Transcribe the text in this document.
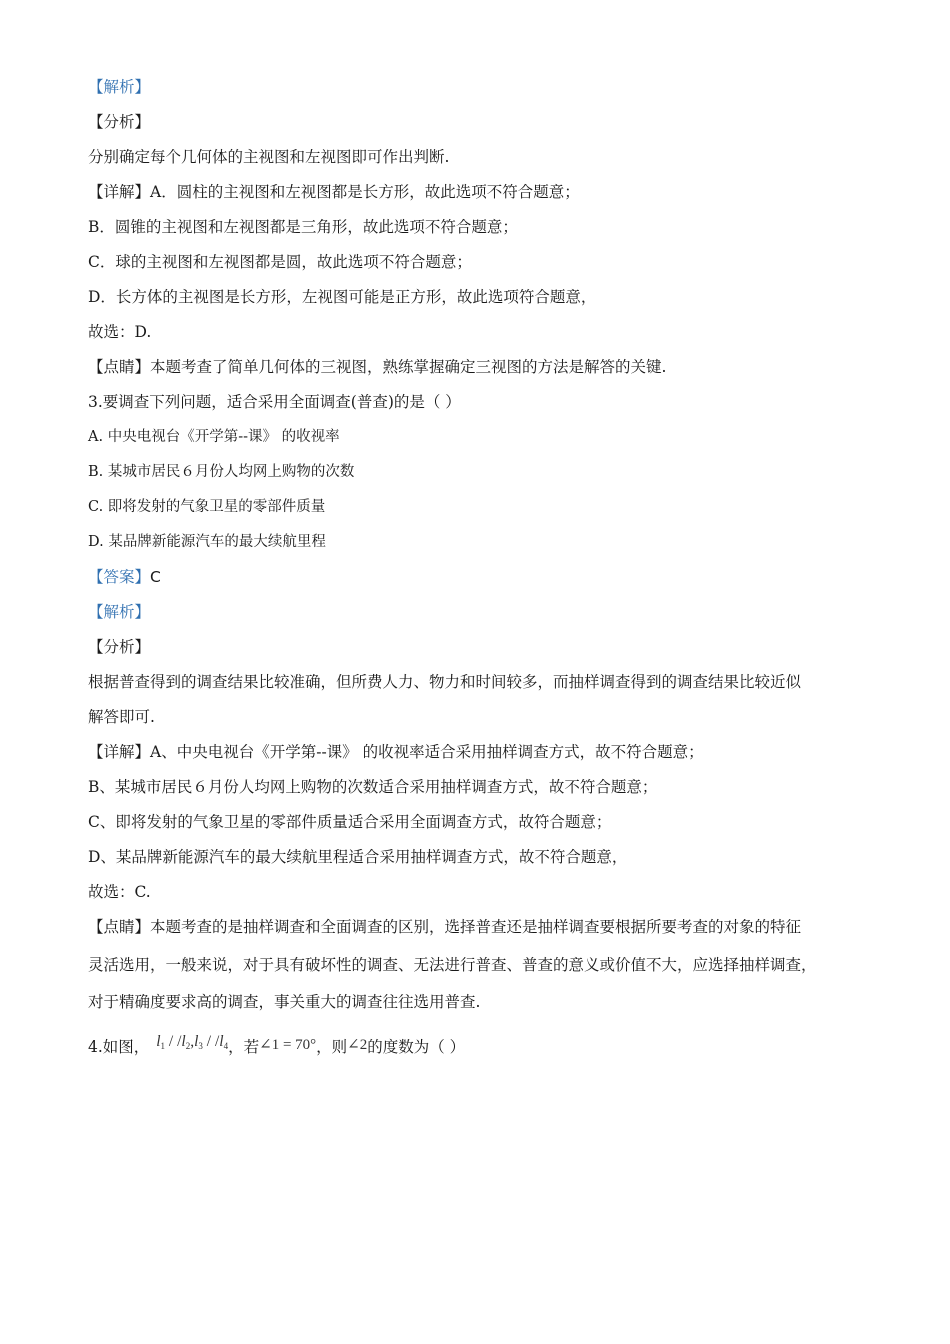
【解析】
【分析】
分别确定每个几何体的主视图和左视图即可作出判断.
【详解】A．圆柱的主视图和左视图都是长方形，故此选项不符合题意；
B．圆锥的主视图和左视图都是三角形，故此选项不符合题意；
C．球的主视图和左视图都是圆，故此选项不符合题意；
D．长方体的主视图是长方形，左视图可能是正方形，故此选项符合题意，
故选：D.
【点睛】本题考查了简单几何体的三视图，熟练掌握确定三视图的方法是解答的关键.
3.要调查下列问题，适合采用全面调查(普查)的是（ ）
A. 中央电视台《开学第--课》 的收视率
B. 某城市居民６月份人均网上购物的次数
C. 即将发射的气象卫星的零部件质量
D. 某品牌新能源汽车的最大续航里程
【答案】C
【解析】
【分析】
根据普查得到的调查结果比较准确，但所费人力、物力和时间较多，而抽样调查得到的调查结果比较近似
解答即可.
【详解】A、中央电视台《开学第--课》 的收视率适合采用抽样调查方式，故不符合题意；
B、某城市居民６月份人均网上购物的次数适合采用抽样调查方式，故不符合题意；
C、即将发射的气象卫星的零部件质量适合采用全面调查方式，故符合题意；
D、某品牌新能源汽车的最大续航里程适合采用抽样调查方式，故不符合题意，
故选：C.
【点睛】本题考查的是抽样调查和全面调查的区别，选择普查还是抽样调查要根据所要考查的对象的特征
灵活选用，一般来说，对于具有破坏性的调查、无法进行普查、普查的意义或价值不大，应选择抽样调查，
对于精确度要求高的调查，事关重大的调查往往选用普查.
4.如图， $l_1 / /l_2,l_3 / /l_4$，若∠1 = 70°，则∠2的度数为（ ）
